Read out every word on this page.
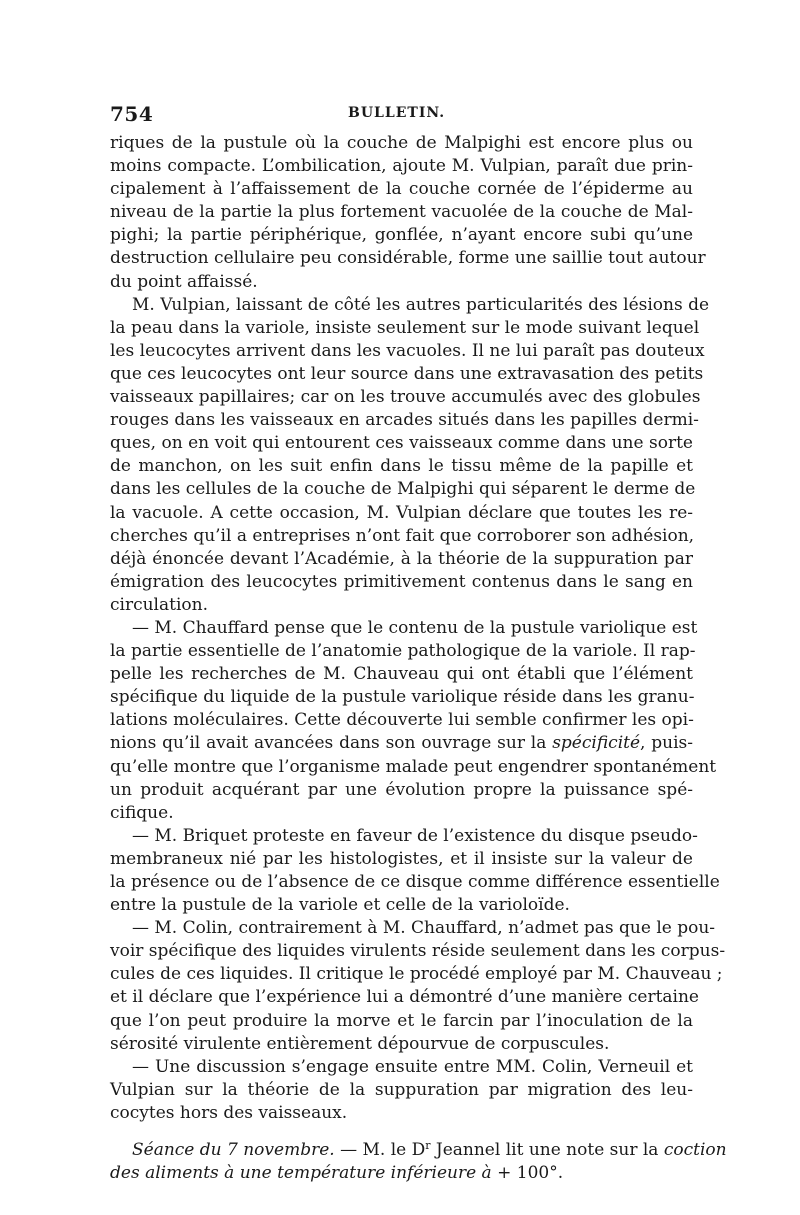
754	BULLETIN.
riques de la pustule où la couche de Malpighi est encore plus ou
moins compacte. L’ombilication, ajoute M. Vulpian, paraît due prin-
cipalement à l’affaissement de la couche cornée de l’épiderme au
niveau de la partie la plus fortement vacuolée de la couche de Mal-
pighi; la partie périphérique, gonflée, n’ayant encore subi qu’une
destruction cellulaire peu considérable, forme une saillie tout autour
du point affaissé.
M. Vulpian, laissant de côté les autres particularités des lésions de
la peau dans la variole, insiste seulement sur le mode suivant lequel
les leucocytes arrivent dans les vacuoles. Il ne lui paraît pas douteux
que ces leucocytes ont leur source dans une extravasation des petits
vaisseaux papillaires; car on les trouve accumulés avec des globules
rouges dans les vaisseaux en arcades situés dans les papilles dermi-
ques, on en voit qui entourent ces vaisseaux comme dans une sorte
de manchon, on les suit enfin dans le tissu même de la papille et
dans les cellules de la couche de Malpighi qui séparent le derme de
la vacuole. A cette occasion, M. Vulpian déclare que toutes les re-
cherches qu’il a entreprises n’ont fait que corroborer son adhésion,
déjà énoncée devant l’Académie, à la théorie de la suppuration par
émigration des leucocytes primitivement contenus dans le sang en
circulation.
— M. Chauffard pense que le contenu de la pustule variolique est
la partie essentielle de l’anatomie pathologique de la variole. Il rap-
pelle les recherches de M. Chauveau qui ont établi que l’élément
spécifique du liquide de la pustule variolique réside dans les granu-
lations moléculaires. Cette découverte lui semble confirmer les opi-
nions qu’il avait avancées dans son ouvrage sur la spécificité, puis-
qu’elle montre que l’organisme malade peut engendrer spontanément
un produit acquérant par une évolution propre la puissance spé-
cifique.
— M. Briquet proteste en faveur de l’existence du disque pseudo-
membraneux nié par les histologistes, et il insiste sur la valeur de
la présence ou de l’absence de ce disque comme différence essentielle
entre la pustule de la variole et celle de la varioloïde.
— M. Colin, contrairement à M. Chauffard, n’admet pas que le pou-
voir spécifique des liquides virulents réside seulement dans les corpus-
cules de ces liquides. Il critique le procédé employé par M. Chauveau ;
et il déclare que l’expérience lui a démontré d’une manière certaine
que l’on peut produire la morve et le farcin par l’inoculation de la
sérosité virulente entièrement dépourvue de corpuscules.
— Une discussion s’engage ensuite entre MM. Colin, Verneuil et
Vulpian sur la théorie de la suppuration par migration des leu-
cocytes hors des vaisseaux.
Séance du 7 novembre. — M. le $D^r$ Jeannel lit une note sur la coction
des aliments à une température inférieure à + 100°.
